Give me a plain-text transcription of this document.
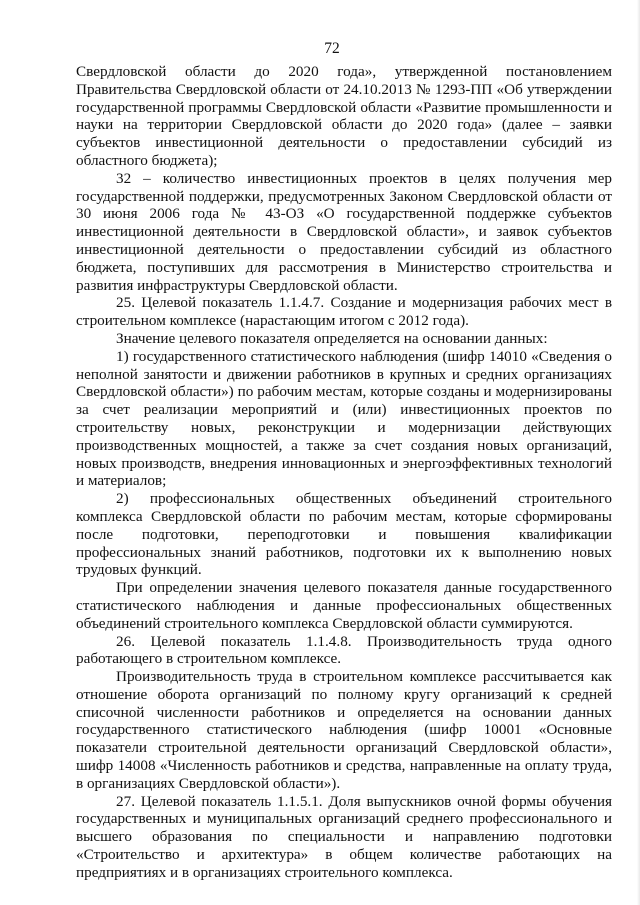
72

Свердловской области до 2020 года», утвержденной постановлением Правительства Свердловской области от 24.10.2013 № 1293-ПП «Об утверждении государственной программы Свердловской области «Развитие промышленности и науки на территории Свердловской области до 2020 года» (далее – заявки субъектов инвестиционной деятельности о предоставлении субсидий из областного бюджета);

32 – количество инвестиционных проектов в целях получения мер государственной поддержки, предусмотренных Законом Свердловской области от 30 июня 2006 года № 43-ОЗ «О государственной поддержке субъектов инвестиционной деятельности в Свердловской области», и заявок субъектов инвестиционной деятельности о предоставлении субсидий из областного бюджета, поступивших для рассмотрения в Министерство строительства и развития инфраструктуры Свердловской области.

25. Целевой показатель 1.1.4.7. Создание и модернизация рабочих мест в строительном комплексе (нарастающим итогом с 2012 года).

Значение целевого показателя определяется на основании данных:

1) государственного статистического наблюдения (шифр 14010 «Сведения о неполной занятости и движении работников в крупных и средних организациях Свердловской области») по рабочим местам, которые созданы и модернизированы за счет реализации мероприятий и (или) инвестиционных проектов по строительству новых, реконструкции и модернизации действующих производственных мощностей, а также за счет создания новых организаций, новых производств, внедрения инновационных и энергоэффективных технологий и материалов;

2) профессиональных общественных объединений строительного комплекса Свердловской области по рабочим местам, которые сформированы после подготовки, переподготовки и повышения квалификации профессиональных знаний работников, подготовки их к выполнению новых трудовых функций.

При определении значения целевого показателя данные государственного статистического наблюдения и данные профессиональных общественных объединений строительного комплекса Свердловской области суммируются.

26. Целевой показатель 1.1.4.8. Производительность труда одного работающего в строительном комплексе.

Производительность труда в строительном комплексе рассчитывается как отношение оборота организаций по полному кругу организаций к средней списочной численности работников и определяется на основании данных государственного статистического наблюдения (шифр 10001 «Основные показатели строительной деятельности организаций Свердловской области», шифр 14008 «Численность работников и средства, направленные на оплату труда, в организациях Свердловской области»).

27. Целевой показатель 1.1.5.1. Доля выпускников очной формы обучения государственных и муниципальных организаций среднего профессионального и высшего образования по специальности и направлению подготовки «Строительство и архитектура» в общем количестве работающих на предприятиях и в организациях строительного комплекса.
